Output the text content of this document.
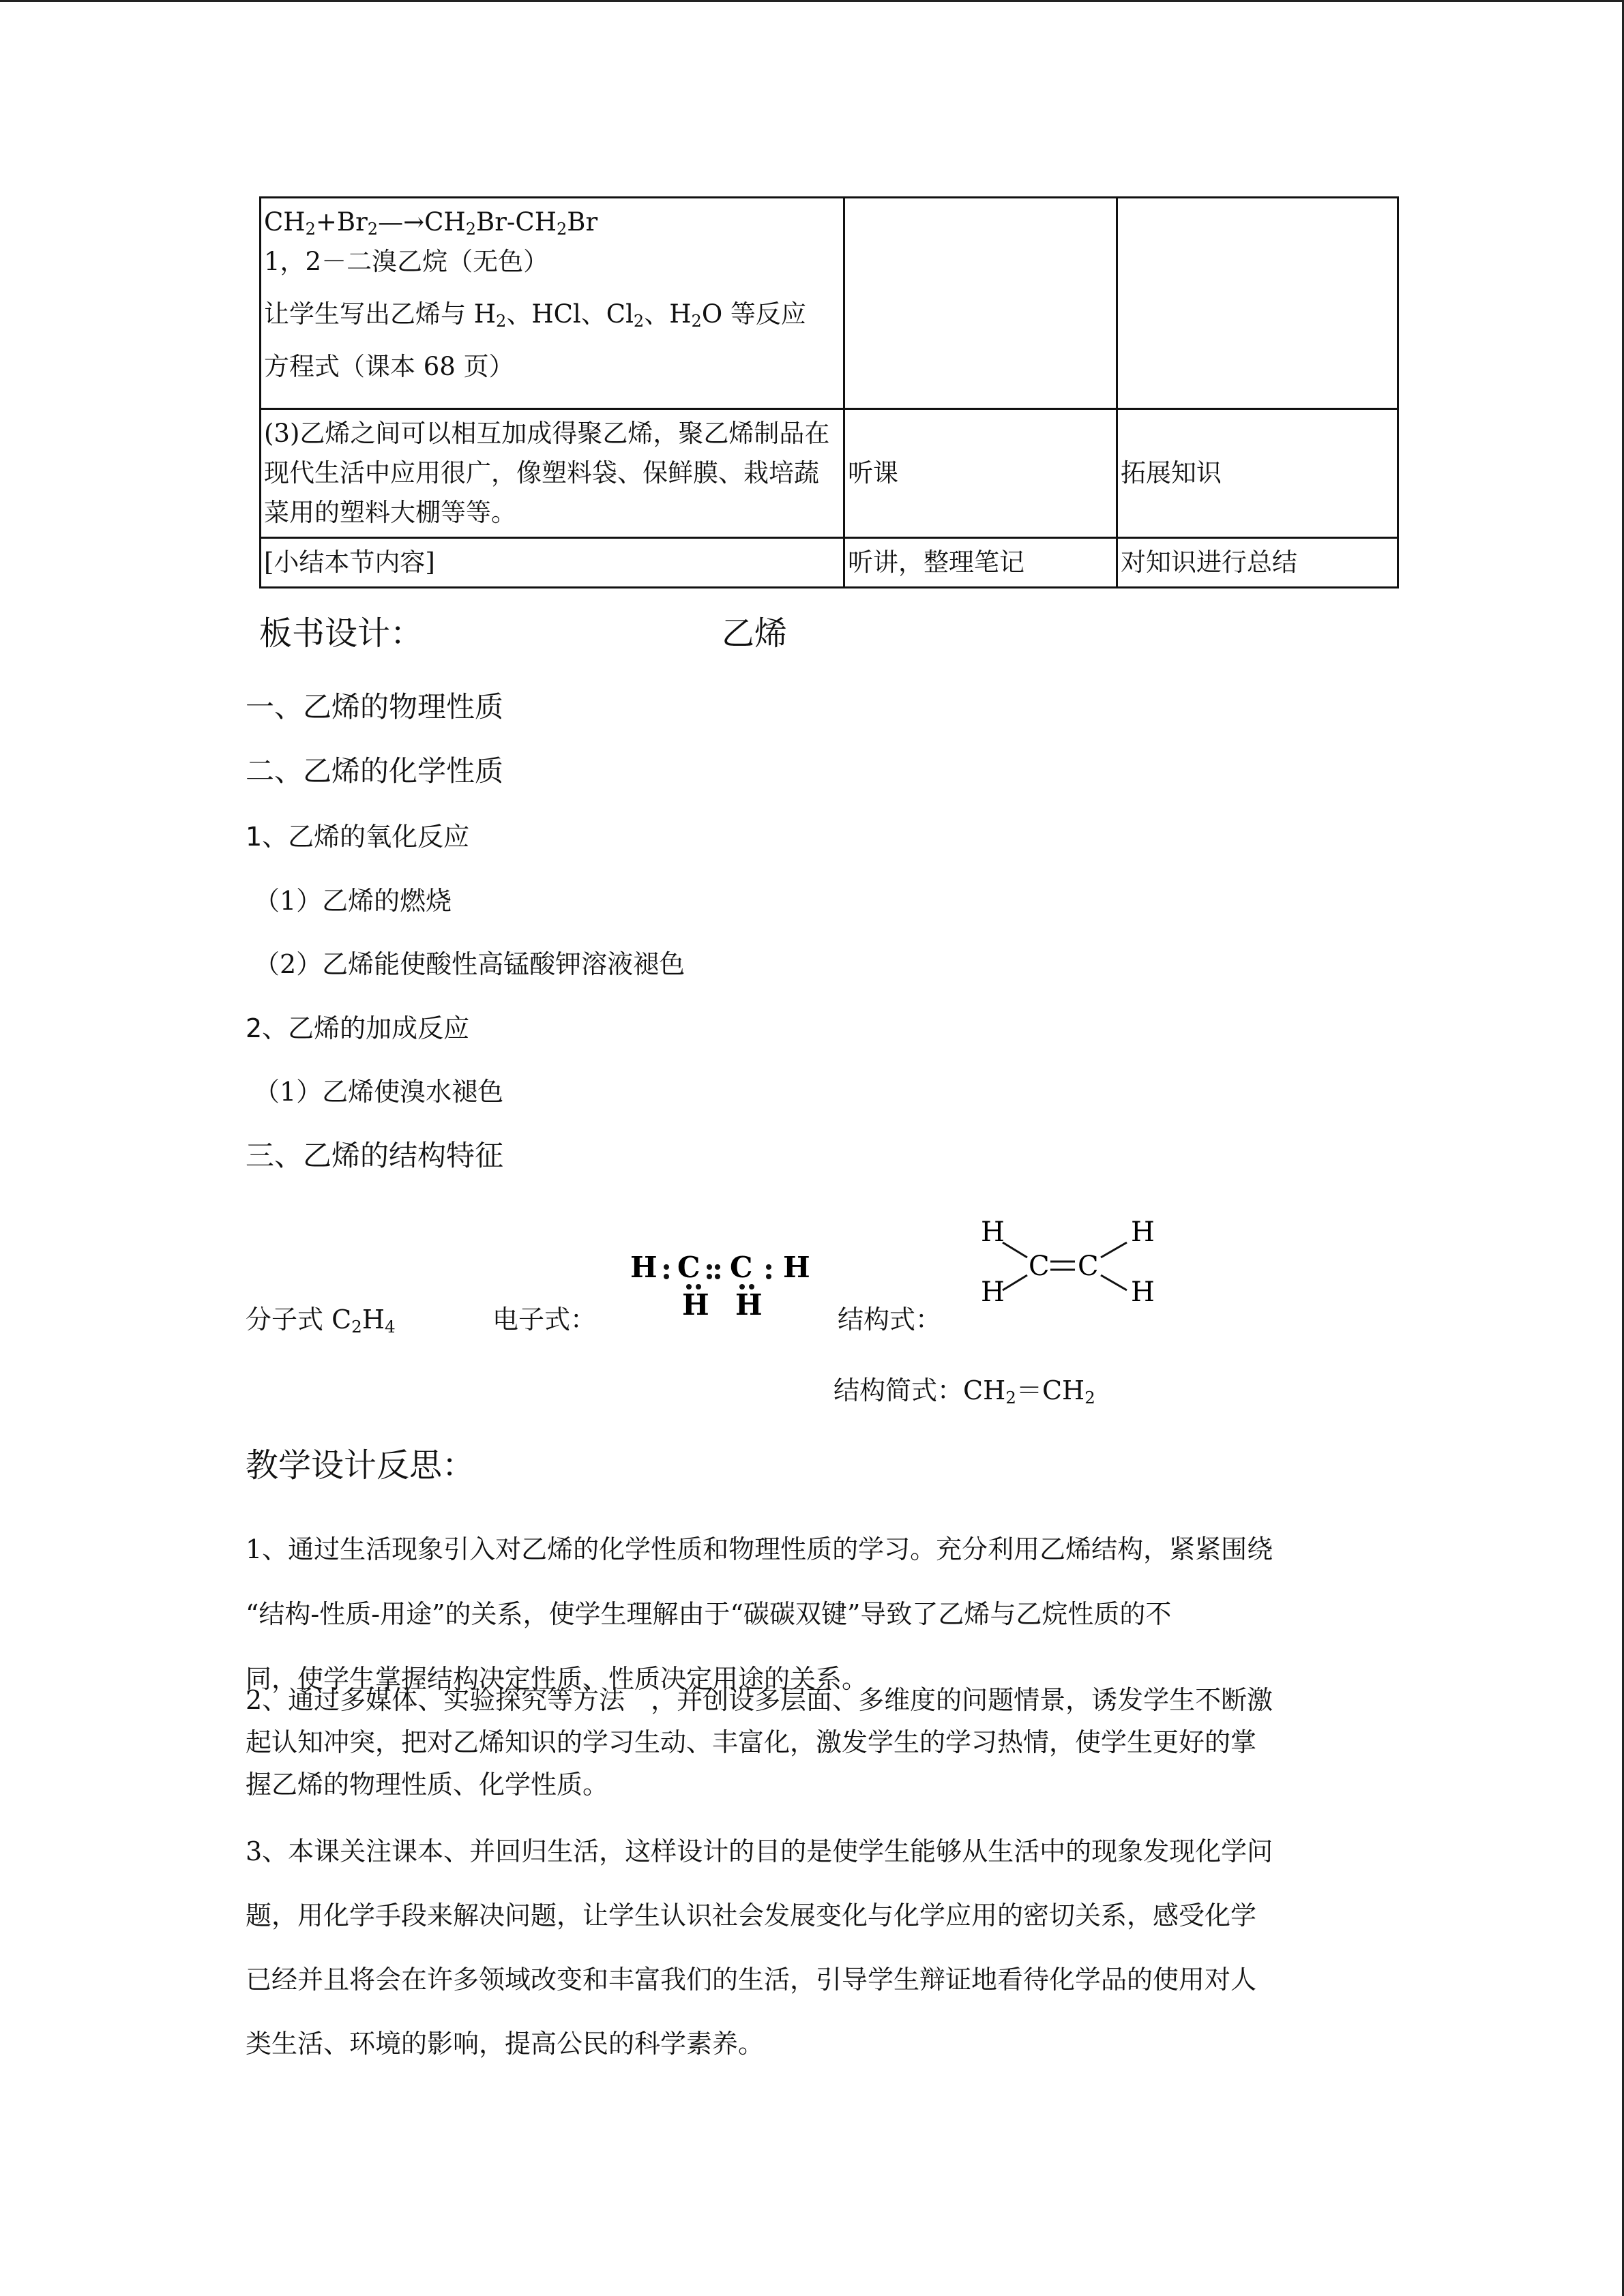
$CH_2+Br_2—\to CH_2Br-CH_2Br$
1，2－二溴乙烷（无色）
让学生写出乙烯与 $H_2$、HCl、$Cl_2$、$H_2O$ 等反应
方程式（课本 68 页）		

(3)乙烯之间可以相互加成得聚乙烯，聚乙烯制品在现代生活中应用很广，像塑料袋、保鲜膜、栽培蔬菜用的塑料大棚等等。	听课	拓展知识
[小结本节内容]	听讲，整理笔记	对知识进行总结
板书设计：	乙烯
一、乙烯的物理性质
二、乙烯的化学性质
1、乙烯的氧化反应
（1）乙烯的燃烧
（2）乙烯能使酸性高锰酸钾溶液褪色
2、乙烯的加成反应
（1）乙烯使溴水褪色
三、乙烯的结构特征
分子式 $C_2H_4$	电子式：
H C C H
H H	结构式：
H
H
C C
H
H
结构简式：$CH_2=CH_2$
教学设计反思：
1、通过生活现象引入对乙烯的化学性质和物理性质的学习。充分利用乙烯结构，紧紧围绕
“结构-性质-用途”的关系，使学生理解由于“碳碳双键”导致了乙烯与乙烷性质的不
同，使学生掌握结构决定性质、性质决定用途的关系。
2、通过多媒体、实验探究等方法　，并创设多层面、多维度的问题情景，诱发学生不断激
起认知冲突，把对乙烯知识的学习生动、丰富化，激发学生的学习热情，使学生更好的掌
握乙烯的物理性质、化学性质。
3、本课关注课本、并回归生活，这样设计的目的是使学生能够从生活中的现象发现化学问
题，用化学手段来解决问题，让学生认识社会发展变化与化学应用的密切关系，感受化学
已经并且将会在许多领域改变和丰富我们的生活，引导学生辩证地看待化学品的使用对人
类生活、环境的影响，提高公民的科学素养。
